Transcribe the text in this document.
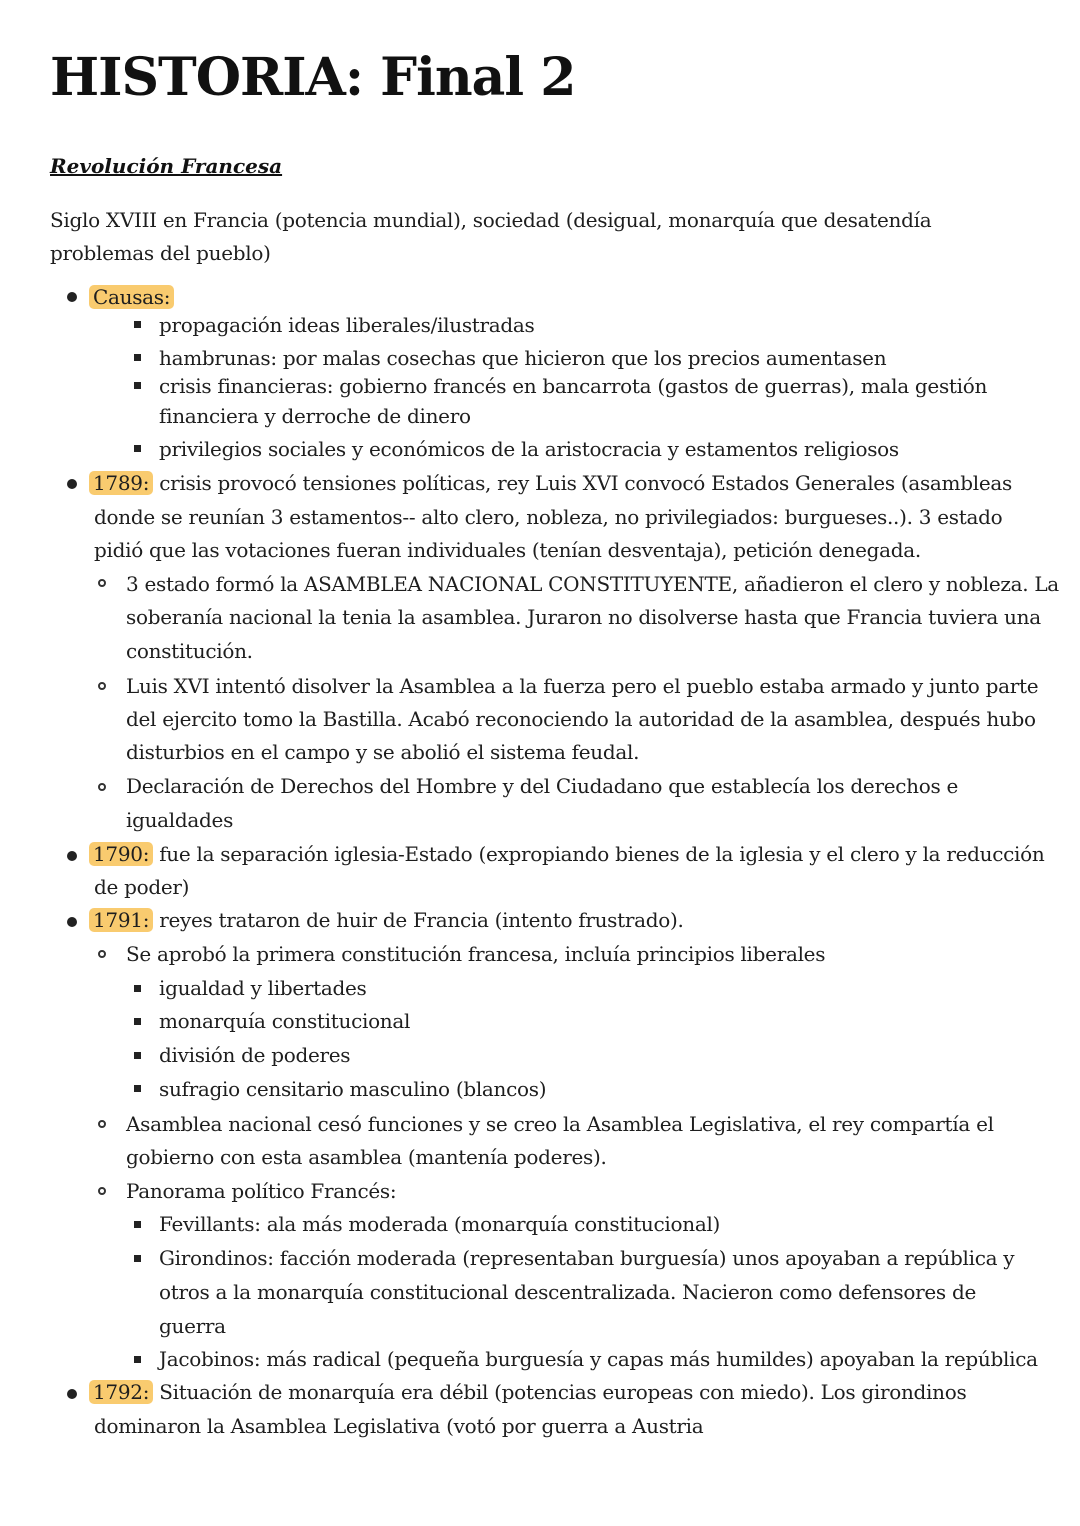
HISTORIA: Final 2
Revolución Francesa

Siglo XVIII en Francia (potencia mundial), sociedad (desigual, monarquía que desatendía problemas del pueblo)

Causas:
propagación ideas liberales/ilustradas
hambrunas: por malas cosechas que hicieron que los precios aumentasen
crisis financieras: gobierno francés en bancarrota (gastos de guerras), mala gestión
financiera y derroche de dinero
privilegios sociales y económicos de la aristocracia y estamentos religiosos
1789: crisis provocó tensiones políticas, rey Luis XVI convocó Estados Generales (asambleas
donde se reunían 3 estamentos-- alto clero, nobleza, no privilegiados: burgueses..). 3 estado
pidió que las votaciones fueran individuales (tenían desventaja), petición denegada.
3 estado formó la ASAMBLEA NACIONAL CONSTITUYENTE, añadieron el clero y nobleza. La
soberanía nacional la tenia la asamblea. Juraron no disolverse hasta que Francia tuviera una
constitución.
Luis XVI intentó disolver la Asamblea a la fuerza pero el pueblo estaba armado y junto parte
del ejercito tomo la Bastilla. Acabó reconociendo la autoridad de la asamblea, después hubo
disturbios en el campo y se abolió el sistema feudal.
Declaración de Derechos del Hombre y del Ciudadano que establecía los derechos e
igualdades
1790: fue la separación iglesia-Estado (expropiando bienes de la iglesia y el clero y la reducción
de poder)
1791: reyes trataron de huir de Francia (intento frustrado).
Se aprobó la primera constitución francesa, incluía principios liberales
igualdad y libertades
monarquía constitucional
división de poderes
sufragio censitario masculino (blancos)
Asamblea nacional cesó funciones y se creo la Asamblea Legislativa, el rey compartía el
gobierno con esta asamblea (mantenía poderes).
Panorama político Francés:
Fevillants: ala más moderada (monarquía constitucional)
Girondinos: facción moderada (representaban burguesía) unos apoyaban a república y
otros a la monarquía constitucional descentralizada. Nacieron como defensores de
guerra
Jacobinos: más radical (pequeña burguesía y capas más humildes) apoyaban la república
1792: Situación de monarquía era débil (potencias europeas con miedo). Los girondinos
dominaron la Asamblea Legislativa (votó por guerra a Austria
